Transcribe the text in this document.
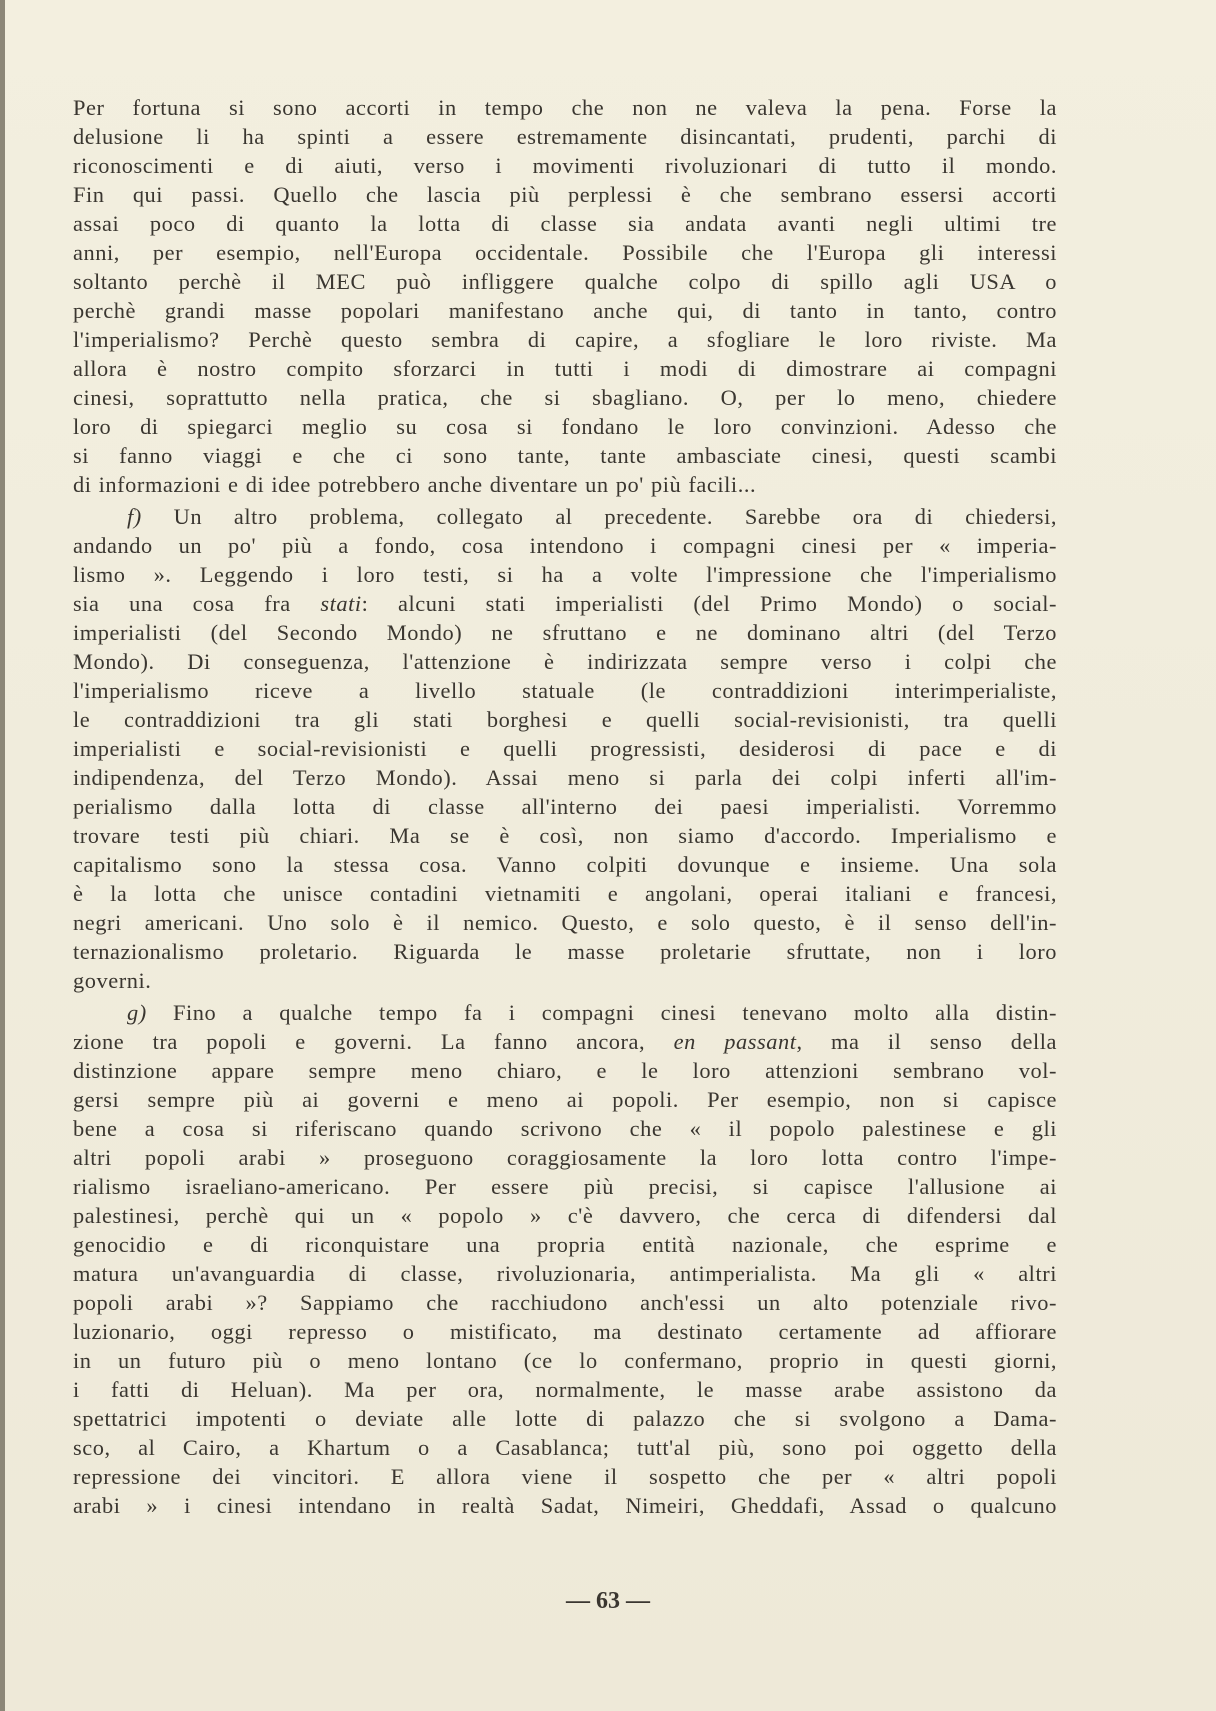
Per fortuna si sono accorti in tempo che non ne valeva la pena. Forse la
delusione li ha spinti a essere estremamente disincantati, prudenti, parchi di
riconoscimenti e di aiuti, verso i movimenti rivoluzionari di tutto il mondo.
Fin qui passi. Quello che lascia più perplessi è che sembrano essersi accorti
assai poco di quanto la lotta di classe sia andata avanti negli ultimi tre
anni, per esempio, nell'Europa occidentale. Possibile che l'Europa gli interessi
soltanto perchè il MEC può infliggere qualche colpo di spillo agli USA o
perchè grandi masse popolari manifestano anche qui, di tanto in tanto, contro
l'imperialismo? Perchè questo sembra di capire, a sfogliare le loro riviste. Ma
allora è nostro compito sforzarci in tutti i modi di dimostrare ai compagni
cinesi, soprattutto nella pratica, che si sbagliano. O, per lo meno, chiedere
loro di spiegarci meglio su cosa si fondano le loro convinzioni. Adesso che
si fanno viaggi e che ci sono tante, tante ambasciate cinesi, questi scambi
di informazioni e di idee potrebbero anche diventare un po' più facili...
f) Un altro problema, collegato al precedente. Sarebbe ora di chiedersi,
andando un po' più a fondo, cosa intendono i compagni cinesi per « imperia-
lismo ». Leggendo i loro testi, si ha a volte l'impressione che l'imperialismo
sia una cosa fra stati: alcuni stati imperialisti (del Primo Mondo) o social-
imperialisti (del Secondo Mondo) ne sfruttano e ne dominano altri (del Terzo
Mondo). Di conseguenza, l'attenzione è indirizzata sempre verso i colpi che
l'imperialismo riceve a livello statuale (le contraddizioni interimperialiste,
le contraddizioni tra gli stati borghesi e quelli social-revisionisti, tra quelli
imperialisti e social-revisionisti e quelli progressisti, desiderosi di pace e di
indipendenza, del Terzo Mondo). Assai meno si parla dei colpi inferti all'im-
perialismo dalla lotta di classe all'interno dei paesi imperialisti. Vorremmo
trovare testi più chiari. Ma se è così, non siamo d'accordo. Imperialismo e
capitalismo sono la stessa cosa. Vanno colpiti dovunque e insieme. Una sola
è la lotta che unisce contadini vietnamiti e angolani, operai italiani e francesi,
negri americani. Uno solo è il nemico. Questo, e solo questo, è il senso dell'in-
ternazionalismo proletario. Riguarda le masse proletarie sfruttate, non i loro
governi.
g) Fino a qualche tempo fa i compagni cinesi tenevano molto alla distin-
zione tra popoli e governi. La fanno ancora, en passant, ma il senso della
distinzione appare sempre meno chiaro, e le loro attenzioni sembrano vol-
gersi sempre più ai governi e meno ai popoli. Per esempio, non si capisce
bene a cosa si riferiscano quando scrivono che « il popolo palestinese e gli
altri popoli arabi » proseguono coraggiosamente la loro lotta contro l'impe-
rialismo israeliano-americano. Per essere più precisi, si capisce l'allusione ai
palestinesi, perchè qui un « popolo » c'è davvero, che cerca di difendersi dal
genocidio e di riconquistare una propria entità nazionale, che esprime e
matura un'avanguardia di classe, rivoluzionaria, antimperialista. Ma gli « altri
popoli arabi »? Sappiamo che racchiudono anch'essi un alto potenziale rivo-
luzionario, oggi represso o mistificato, ma destinato certamente ad affiorare
in un futuro più o meno lontano (ce lo confermano, proprio in questi giorni,
i fatti di Heluan). Ma per ora, normalmente, le masse arabe assistono da
spettatrici impotenti o deviate alle lotte di palazzo che si svolgono a Dama-
sco, al Cairo, a Khartum o a Casablanca; tutt'al più, sono poi oggetto della
repressione dei vincitori. E allora viene il sospetto che per « altri popoli
arabi » i cinesi intendano in realtà Sadat, Nimeiri, Gheddafi, Assad o qualcuno
— 63 —
